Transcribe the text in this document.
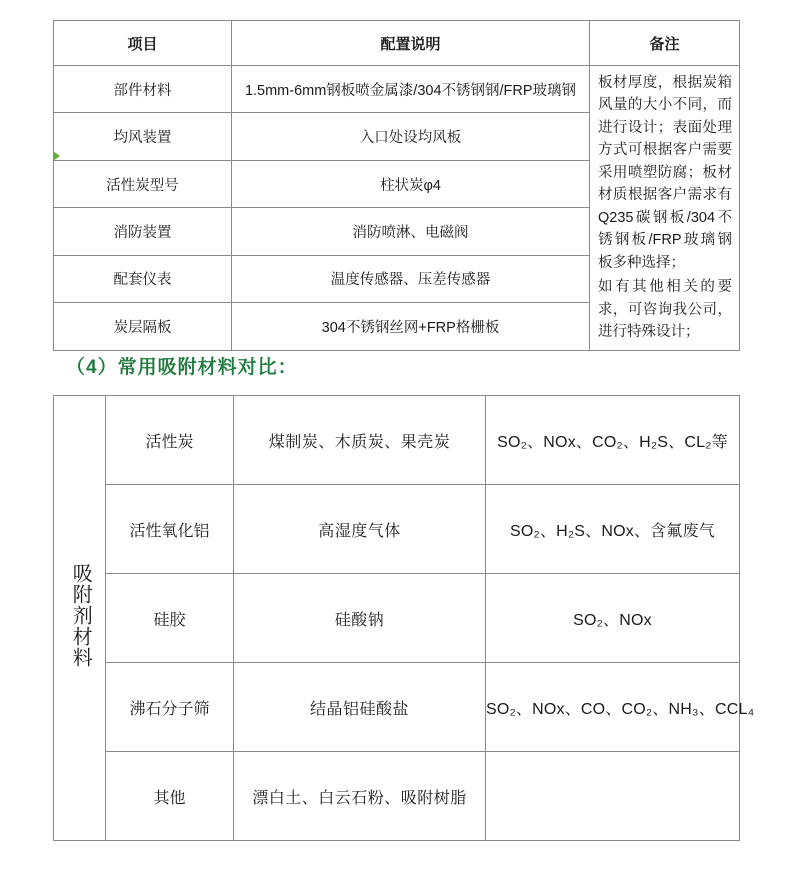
项目	配置说明	备注
部件材料	1.5mm-6mm钢板喷金属漆/304不锈钢钢/FRP玻璃钢	板材厚度，根据炭箱风量的大小不同，而进行设计；表面处理方式可根据客户需要采用喷塑防腐；板材材质根据客户需求有Q235碳钢板/304不锈钢板/FRP玻璃钢板多种选择；

如有其他相关的要求，可咨询我公司，进行特殊设计；

均风装置	入口处设均风板	
活性炭型号	柱状炭φ4	
消防装置	消防喷淋、电磁阀	
配套仪表	温度传感器、压差传感器	
炭层隔板	304不锈钢丝网+FRP格栅板	
（4）常用吸附材料对比：
吸附剂材料	活性炭	煤制炭、木质炭、果壳炭	SO₂、NOx、CO₂、H₂S、CL₂等
	活性氧化铝	高湿度气体	SO₂、H₂S、NOx、含氟废气
	硅胶	硅酸钠	SO₂、NOx
	沸石分子筛	结晶铝硅酸盐	SO₂、NOx、CO、CO₂、NH₃、CCL₄
	其他	漂白土、白云石粉、吸附树脂	
